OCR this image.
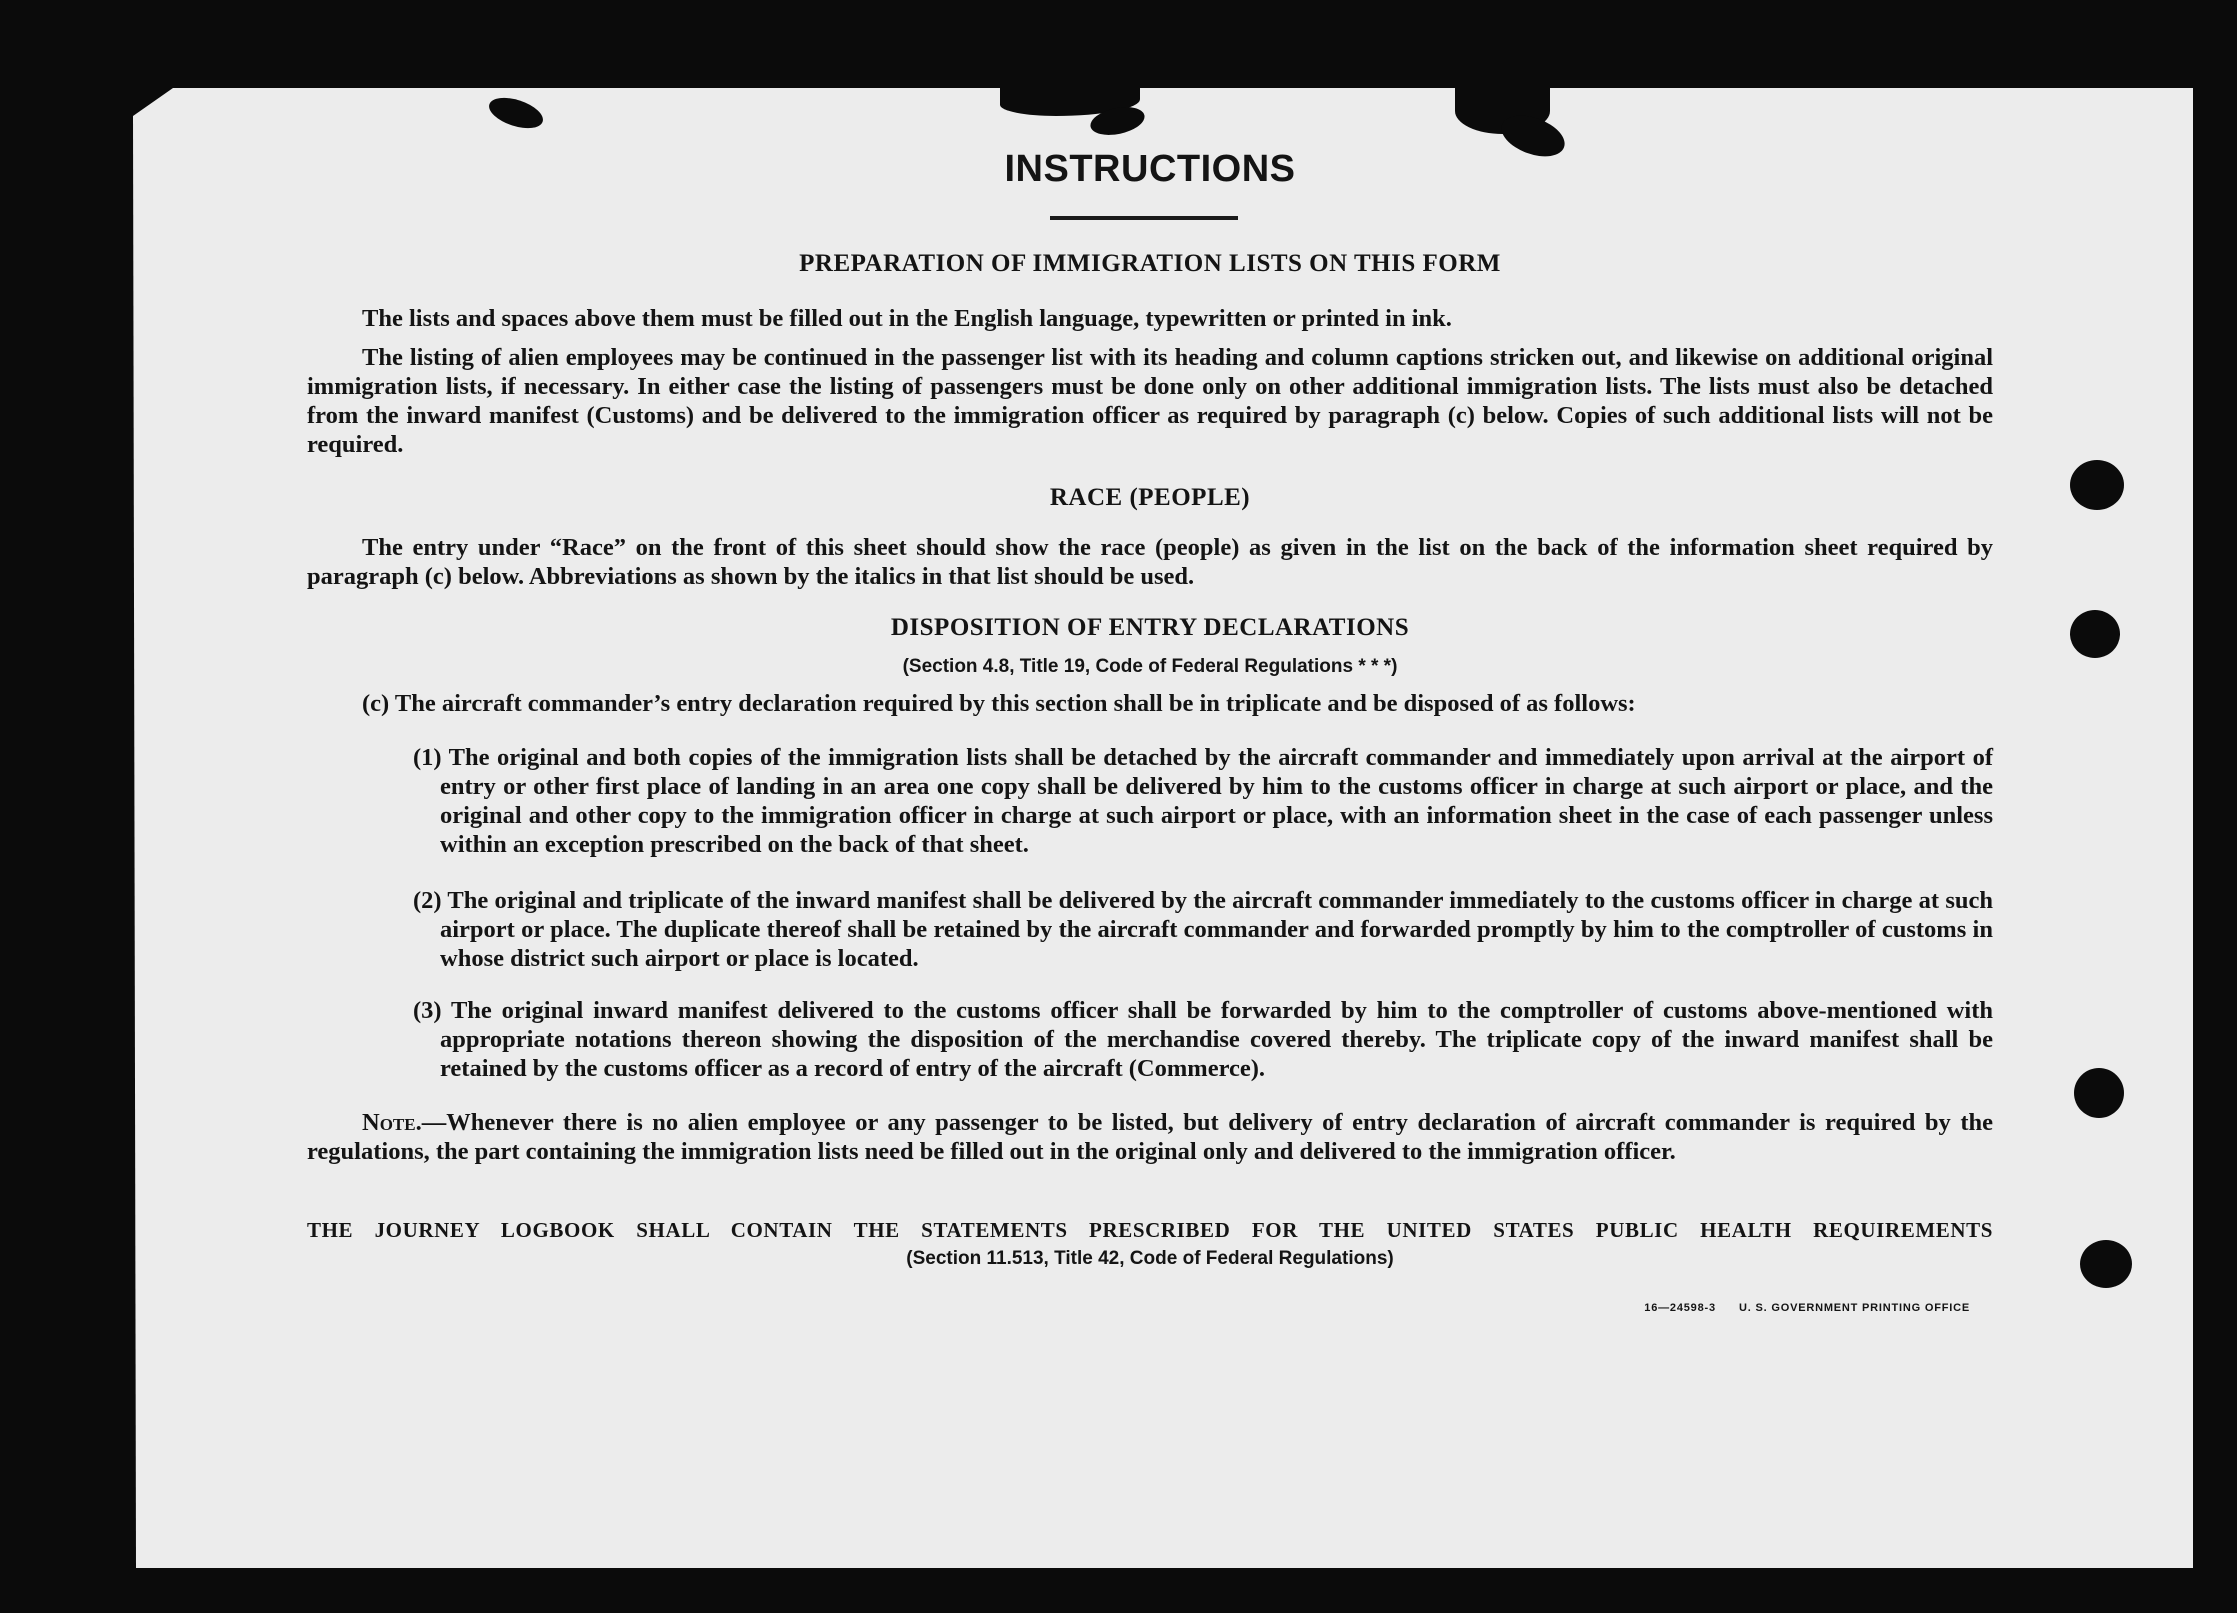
INSTRUCTIONS

PREPARATION OF IMMIGRATION LISTS ON THIS FORM

The lists and spaces above them must be filled out in the English language, typewritten or printed in ink.

The listing of alien employees may be continued in the passenger list with its heading and column captions stricken out, and likewise on additional original immigration lists, if necessary. In either case the listing of passengers must be done only on other additional immigration lists. The lists must also be detached from the inward manifest (Customs) and be delivered to the immigration officer as required by paragraph (c) below. Copies of such additional lists will not be required.

RACE (PEOPLE)

The entry under “Race” on the front of this sheet should show the race (people) as given in the list on the back of the information sheet required by paragraph (c) below. Abbreviations as shown by the italics in that list should be used.

DISPOSITION OF ENTRY DECLARATIONS

(Section 4.8, Title 19, Code of Federal Regulations * * *)

(c) The aircraft commander’s entry declaration required by this section shall be in triplicate and be disposed of as follows:

(1) The original and both copies of the immigration lists shall be detached by the aircraft commander and immediately upon arrival at the airport of entry or other first place of landing in an area one copy shall be delivered by him to the customs officer in charge at such airport or place, and the original and other copy to the immigration officer in charge at such airport or place, with an information sheet in the case of each passenger unless within an exception prescribed on the back of that sheet.

(2) The original and triplicate of the inward manifest shall be delivered by the aircraft commander immediately to the customs officer in charge at such airport or place. The duplicate thereof shall be retained by the aircraft commander and forwarded promptly by him to the comptroller of customs in whose district such airport or place is located.

(3) The original inward manifest delivered to the customs officer shall be forwarded by him to the comptroller of customs above-mentioned with appropriate notations thereon showing the disposition of the merchandise covered thereby. The triplicate copy of the inward manifest shall be retained by the customs officer as a record of entry of the aircraft (Commerce).

Note.—Whenever there is no alien employee or any passenger to be listed, but delivery of entry declaration of aircraft commander is required by the regulations, the part containing the immigration lists need be filled out in the original only and delivered to the immigration officer.

THE JOURNEY LOGBOOK SHALL CONTAIN THE STATEMENTS PRESCRIBED FOR THE UNITED STATES PUBLIC HEALTH REQUIREMENTS

(Section 11.513, Title 42, Code of Federal Regulations)

16—24598-3 U. S. GOVERNMENT PRINTING OFFICE
